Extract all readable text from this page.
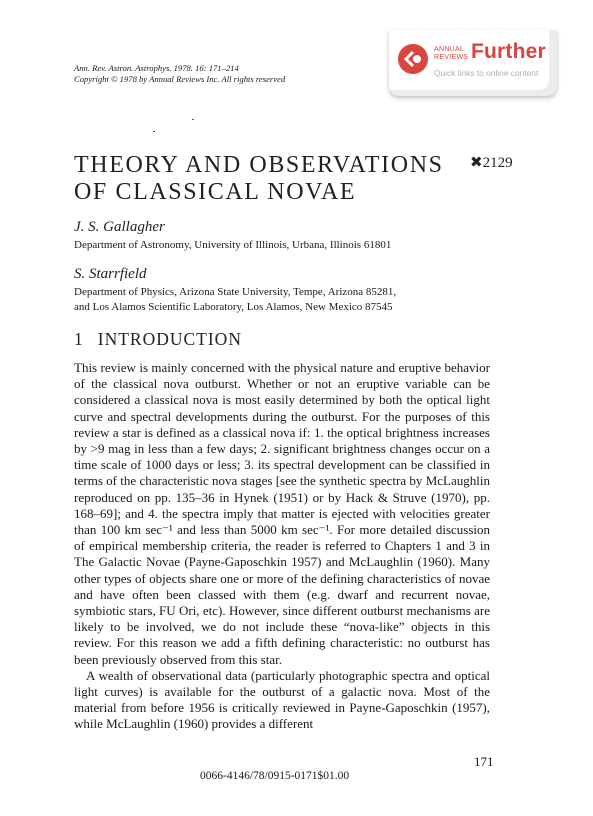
Ann. Rev. Astron. Astrophys. 1978. 16: 171–214
Copyright © 1978 by Annual Reviews Inc. All rights reserved
ANNUAL
REVIEWS Further
Quick links to online content
THEORY AND OBSERVATIONS
OF CLASSICAL NOVAE
✖2129
J. S. Gallagher
Department of Astronomy, University of Illinois, Urbana, Illinois 61801
S. Starrfield
Department of Physics, Arizona State University, Tempe, Arizona 85281,
and Los Alamos Scientific Laboratory, Los Alamos, New Mexico 87545
1 INTRODUCTION

This review is mainly concerned with the physical nature and eruptive behavior of the classical nova outburst. Whether or not an eruptive variable can be considered a classical nova is most easily determined by both the optical light curve and spectral developments during the outburst. For the purposes of this review a star is defined as a classical nova if: 1. the optical brightness increases by >9 mag in less than a few days; 2. significant brightness changes occur on a time scale of 1000 days or less; 3. its spectral development can be classified in terms of the characteristic nova stages [see the synthetic spectra by McLaughlin reproduced on pp. 135–36 in Hynek (1951) or by Hack & Struve (1970), pp. 168–69]; and 4. the spectra imply that matter is ejected with velocities greater than 100 km sec⁻¹ and less than 5000 km sec⁻¹. For more detailed discussion of empirical membership criteria, the reader is referred to Chapters 1 and 3 in The Galactic Novae (Payne-Gaposchkin 1957) and McLaughlin (1960). Many other types of objects share one or more of the defining characteristics of novae and have often been classed with them (e.g. dwarf and recurrent novae, symbiotic stars, FU Ori, etc). However, since different outburst mechanisms are likely to be involved, we do not include these “nova-like” objects in this review. For this reason we add a fifth defining characteristic: no outburst has been previously observed from this star.

A wealth of observational data (particularly photographic spectra and optical light curves) is available for the outburst of a galactic nova. Most of the material from before 1956 is critically reviewed in Payne-Gaposchkin (1957), while McLaughlin (1960) provides a different

171
0066-4146/78/0915-0171$01.00
